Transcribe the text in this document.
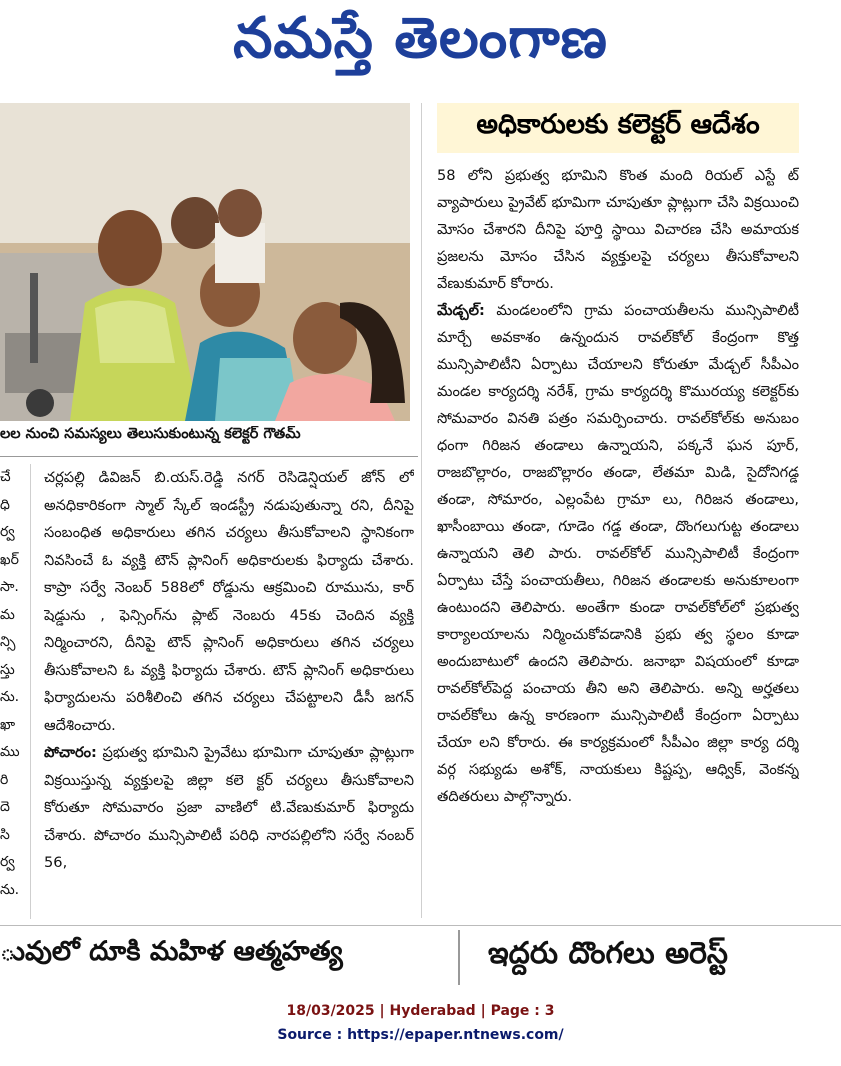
నమస్తే తెలంగాణ
లల నుంచి సమస్యలు తెలుసుకుంటున్న కలెక్టర్ గౌతమ్
చే
ధి
ర్వ
ఖర్
సా.
మ
న్సి
స్తు
ను.
ఖా
ము
రి
దె
సి
ర్వ
ను.

చర్లపల్లి డివిజన్ బి.యస్.రెడ్డి నగర్ రెసిడెన్షియల్ జోన్ లో అనధికారికంగా స్మాల్ స్కేల్ ఇండస్ట్రీ నడుపుతున్నా రని, దీనిపై సంబంధిత అధికారులు తగిన చర్యలు తీసుకోవాలని స్థానికంగా నివసించే ఓ వ్యక్తి టౌన్ ప్లానింగ్ అధికారులకు ఫిర్యాదు చేశారు. కాప్రా సర్వే నెంబర్ 588లో రోడ్డును ఆక్రమించి రూమును, కార్ షెడ్డును , ఫెన్సింగ్‌ను ప్లాట్ నెంబరు 45కు చెందిన వ్యక్తి నిర్మించారని, దీనిపై టౌన్ ప్లానింగ్ అధికారులు తగిన చర్యలు తీసుకోవాలని ఓ వ్యక్తి ఫిర్యాదు చేశారు. టౌన్ ప్లానింగ్ అధికారులు ఫిర్యాదులను పరిశీలించి తగిన చర్యలు చేపట్టాలని డీసీ జగన్ ఆదేశించారు.

పోచారం: ప్రభుత్వ భూమిని ప్రైవేటు భూమిగా చూపుతూ ప్లాట్లుగా విక్రయిస్తున్న వ్యక్తులపై జిల్లా కలె క్టర్ చర్యలు తీసుకోవాలని కోరుతూ సోమవారం ప్రజా వాణిలో టి.వేణుకుమార్ ఫిర్యాదు చేశారు. పోచారం మున్సిపాలిటీ పరిధి నారపల్లిలోని సర్వే నంబర్ 56,

అధికారులకు కలెక్టర్ ఆదేశం

58 లోని ప్రభుత్వ భూమిని కొంత మంది రియల్ ఎస్టే ట్ వ్యాపారులు ప్రైవేట్ భూమిగా చూపుతూ ప్లాట్లుగా చేసి విక్రయించి మోసం చేశారని దీనిపై పూర్తి స్థాయి విచారణ చేసి అమాయక ప్రజలను మోసం చేసిన వ్యక్తులపై చర్యలు తీసుకోవాలని వేణుకుమార్ కోరారు.

మేడ్చల్: మండలంలోని గ్రామ పంచాయతీలను మున్సిపాలిటీ మార్చే అవకాశం ఉన్నందున రావల్‌కోల్ కేంద్రంగా కొత్త మున్సిపాలిటీని ఏర్పాటు చేయాలని కోరుతూ మేడ్చల్ సీపీఎం మండల కార్యదర్శి నరేశ్, గ్రామ కార్యదర్శి కొమురయ్య కలెక్టర్‌కు సోమవారం వినతి పత్రం సమర్పించారు. రావల్‌కోల్‌కు అనుబం ధంగా గిరిజన తండాలు ఉన్నాయని, పక్కనే ఘన పూర్, రాజబొల్లారం, రాజబొల్లారం తండా, లేతమా మిడి, సైదోనిగడ్డ తండా, సోమారం, ఎల్లంపేట గ్రామా లు, గిరిజన తండాలు, ఖాసీంబాయి తండా, గూడెం గడ్డ తండా, దొంగలుగుట్ట తండాలు ఉన్నాయని తెలి పారు. రావల్‌కోల్ మున్సిపాలిటీ కేంద్రంగా ఏర్పాటు చేస్తే పంచాయతీలు, గిరిజన తండాలకు అనుకూలంగా ఉంటుందని తెలిపారు. అంతేగా కుండా రావల్‌కోల్‌లో ప్రభుత్వ కార్యాలయాలను నిర్మించుకోవడానికి ప్రభు త్వ స్థలం కూడా అందుబాటులో ఉందని తెలిపారు. జనాభా విషయంలో కూడా రావల్‌కోల్‌పెద్ద పంచాయ తీని అని తెలిపారు. అన్ని అర్హతలు రావల్‌కోలు ఉన్న కారణంగా మున్సిపాలిటీ కేంద్రంగా ఏర్పాటు చేయా లని కోరారు. ఈ కార్యక్రమంలో సీపీఎం జిల్లా కార్య దర్శి వర్గ సభ్యుడు అశోక్, నాయకులు కిష్టప్ప, ఆధ్విక్, వెంకన్న తదితరులు పాల్గొన్నారు.

ువులో దూకి మహిళ ఆత్మహత్య	ఇద్దరు దొంగలు అరెస్ట్
18/03/2025 | Hyderabad | Page : 3
Source : https://epaper.ntnews.com/
